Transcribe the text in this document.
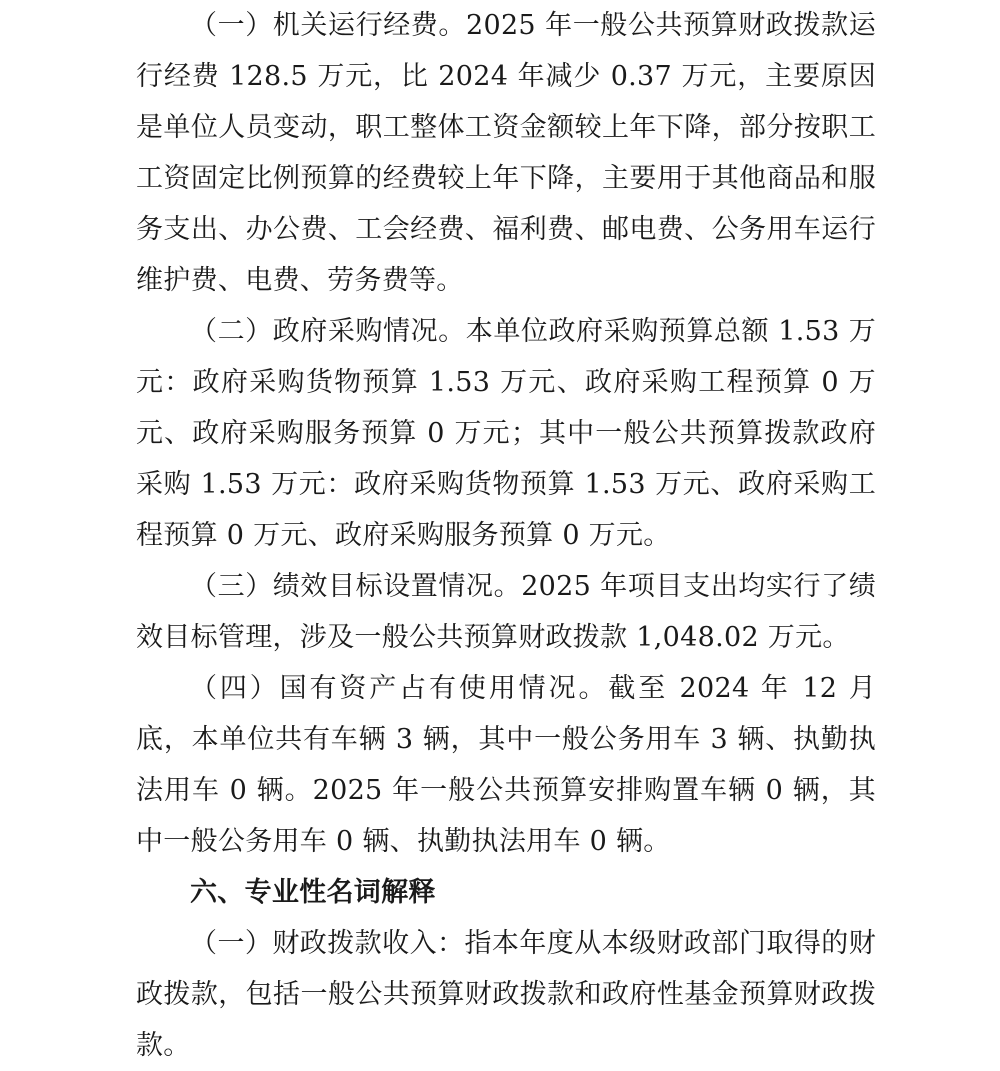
（一）机关运行经费。2025 年一般公共预算财政拨款运行经费 128.5 万元，比 2024 年减少 0.37 万元，主要原因是单位人员变动，职工整体工资金额较上年下降，部分按职工工资固定比例预算的经费较上年下降，主要用于其他商品和服务支出、办公费、工会经费、福利费、邮电费、公务用车运行维护费、电费、劳务费等。

（二）政府采购情况。本单位政府采购预算总额 1.53 万元：政府采购货物预算 1.53 万元、政府采购工程预算 0 万元、政府采购服务预算 0 万元；其中一般公共预算拨款政府采购 1.53 万元：政府采购货物预算 1.53 万元、政府采购工程预算 0 万元、政府采购服务预算 0 万元。

（三）绩效目标设置情况。2025 年项目支出均实行了绩效目标管理，涉及一般公共预算财政拨款 1,048.02 万元。

（四）国有资产占有使用情况。截至 2024 年 12 月底，本单位共有车辆 3 辆，其中一般公务用车 3 辆、执勤执法用车 0 辆。2025 年一般公共预算安排购置车辆 0 辆，其中一般公务用车 0 辆、执勤执法用车 0 辆。

六、专业性名词解释

（一）财政拨款收入：指本年度从本级财政部门取得的财政拨款，包括一般公共预算财政拨款和政府性基金预算财政拨款。
